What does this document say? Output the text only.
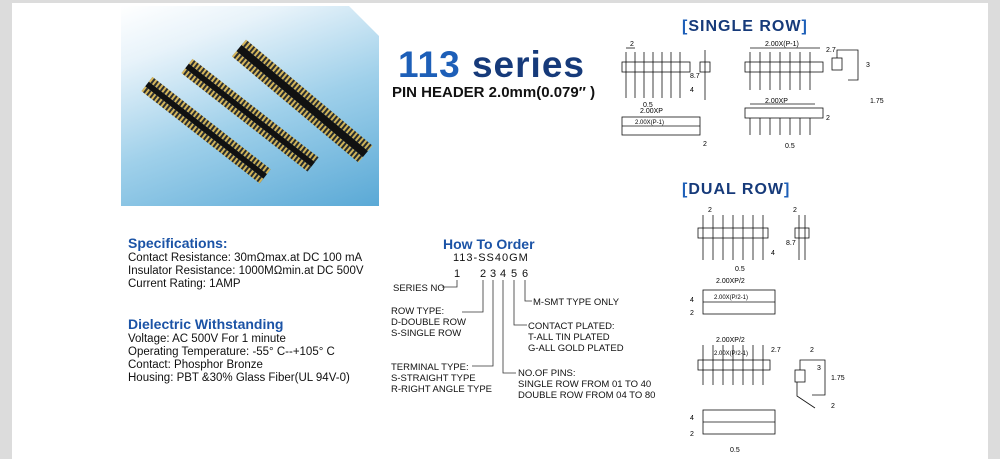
113 series
PIN HEADER 2.0mm(0.079″ )
Specifications:
Contact Resistance: 30mΩmax.at DC 100 mA
Insulator Resistance: 1000MΩmin.at DC 500V
Current Rating: 1AMP
Dielectric Withstanding
Voltage: AC 500V For 1 minute
Operating Temperature: -55° C--+105° C
Contact: Phosphor Bronze
Housing: PBT &30% Glass Fiber(UL 94V-0)
How To Order
113-SS40GM
1 2 3 4 5 6
SERIES NO
ROW TYPE:
D-DOUBLE ROW
S-SINGLE ROW
TERMINAL TYPE:
S-STRAIGHT TYPE
R-RIGHT ANGLE TYPE
M-SMT TYPE ONLY
CONTACT PLATED:
T-ALL TIN PLATED
G-ALL GOLD PLATED
NO.OF PINS:
SINGLE ROW FROM 01 TO 40
DOUBLE ROW FROM 04 TO 80
[SINGLE ROW]
2
0.5
8.7
4
2.00XP
2.00X(P-1)
2
2.00X(P-1)
2.7
3
1.75
2.00XP
0.5
2
[DUAL ROW]
2
0.5
8.7
4
2
2.00XP/2
2.00X(P/2-1)
4
2
2.00XP/2
2.00X(P/2-1)	2.7	2
3
1.75
2
4
2
0.5
